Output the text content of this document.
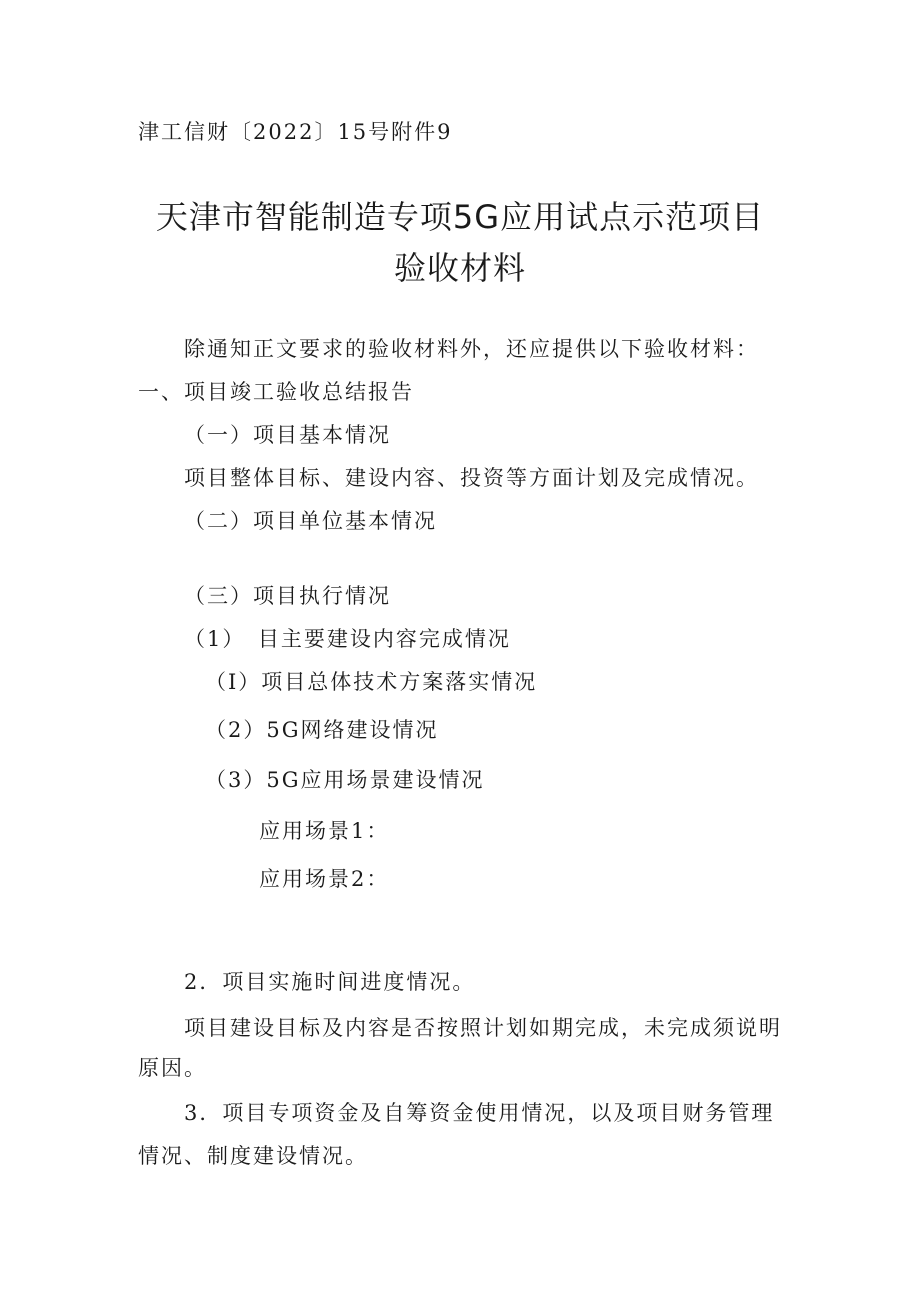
津工信财〔2022〕15号附件9
天津市智能制造专项5G应用试点示范项目
验收材料
除通知正文要求的验收材料外，还应提供以下验收材料：
一、项目竣工验收总结报告
（一）项目基本情况
项目整体目标、建设内容、投资等方面计划及完成情况。
（二）项目单位基本情况
（三）项目执行情况
（1）　目主要建设内容完成情况
（I）项目总体技术方案落实情况
（2）5G网络建设情况
（3）5G应用场景建设情况
应用场景1：
应用场景2：
2．项目实施时间进度情况。
项目建设目标及内容是否按照计划如期完成，未完成须说明
原因。
3．项目专项资金及自筹资金使用情况，以及项目财务管理
情况、制度建设情况。
